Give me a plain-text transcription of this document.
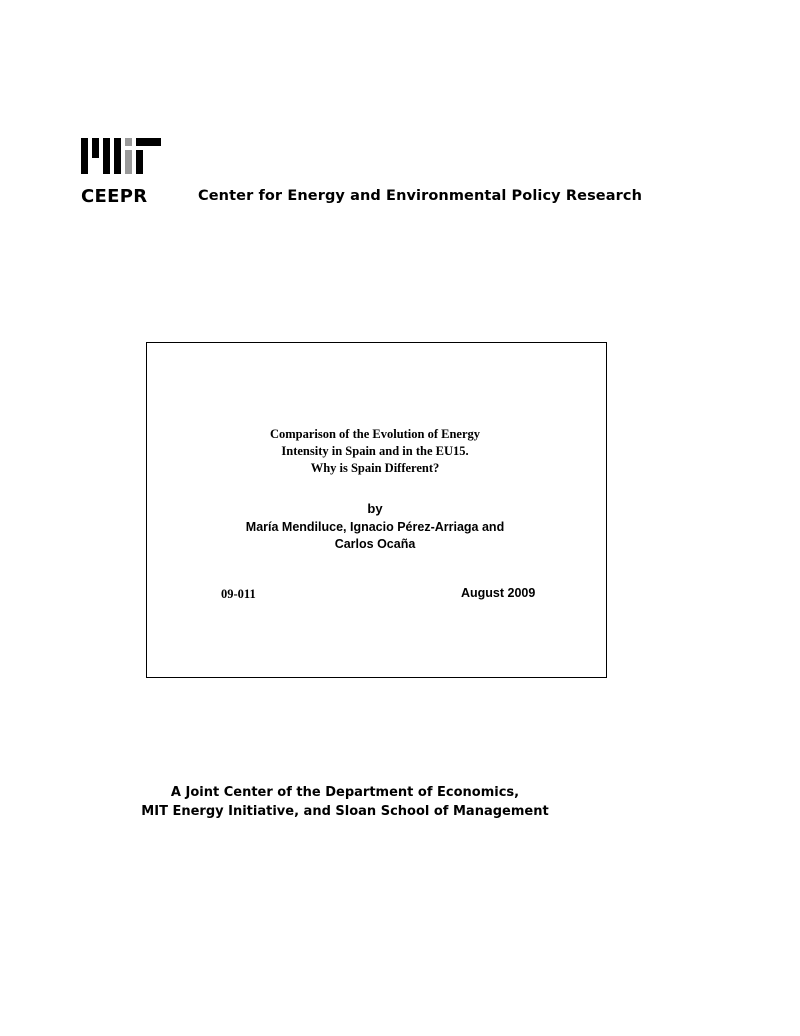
CEEPR	Center for Energy and Environmental Policy Research
Comparison of the Evolution of Energy
Intensity in Spain and in the EU15.
Why is Spain Different?
by
María Mendiluce, Ignacio Pérez-Arriaga and
Carlos Ocaña
09-011	August 2009
A Joint Center of the Department of Economics,
MIT Energy Initiative, and Sloan School of Management
